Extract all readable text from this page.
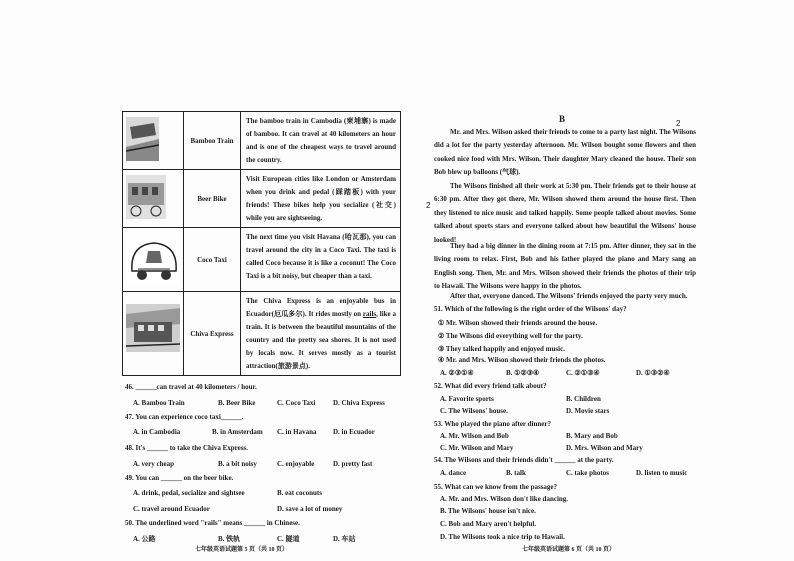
	Bamboo Train	The bamboo train in Cambodia (柬埔寨) is made of bamboo. It can travel at 40 kilometers an hour and is one of the cheapest ways to travel around the country.

	Beer Bike	Visit European cities like London or Amsterdam when you drink and pedal (踩踏板) with your friends! These bikes help you socialize (社交) while you are sightseeing.

	Coco Taxi	The next time you visit Havana (哈瓦那), you can travel around the city in a Coco Taxi. The taxi is called Coco because it is like a coconut! The Coco Taxi is a bit noisy, but cheaper than a taxi.

	Chiva Express	The Chiva Express is an enjoyable bus in Ecuador(厄瓜多尔). It rides mostly on rails, like a train. It is between the beautiful mountains of the country and the pretty sea shores. It is not used by locals now. It serves mostly as a tourist attraction(旅游景点).
46. ______can travel at 40 kilometers / hour.
A. Bamboo Train	B. Beer Bike	C. Coco Taxi	D. Chiva Express
47. You can experience coco taxi______.
A. in Cambodia	B. in Amsterdam C. in Havana D. in Ecuador
48. It's ______ to take the Chiva Express.
A. very cheap	B. a bit noisy	C. enjoyable	D. pretty fast
49. You can ______ on the beer bike.
A. drink, pedal, socialize and sightsee	B. eat coconuts
C. travel around Ecuador	D. save a lot of money
50. The underlined word "rails" means ______ in Chinese.
A. 公路	B. 铁轨	C. 隧道	D. 车站
七年级英语试题第 5 页（共 10 页）
B	2
2
Mr. and Mrs. Wilson asked their friends to come to a party last night. The Wilsons did a lot for the party yesterday afternoon. Mr. Wilson bought some flowers and then cooked nice food with Mrs. Wilson. Their daughter Mary cleaned the house. Their son Bob blew up balloons (气球).
The Wilsons finished all their work at 5:30 pm. Their friends got to their house at 6:30 pm. After they got there, Mr. Wilson showed them around the house first. Then they listened to nice music and talked happily. Some people talked about movies. Some talked about sports stars and everyone talked about how beautiful the Wilsons' house looked!
They had a big dinner in the dining room at 7:15 pm. After dinner, they sat in the living room to relax. First, Bob and his father played the piano and Mary sang an English song. Then, Mr. and Mrs. Wilson showed their friends the photos of their trip to Hawaii. The Wilsons were happy in the photos.
After that, everyone danced. The Wilsons' friends enjoyed the party very much.
51. Which of the following is the right order of the Wilsons' day?
① Mr. Wilson showed their friends around the house.
② The Wilsons did everything well for the party.
③ They talked happily and enjoyed music.
④ Mr. and Mrs. Wilson showed their friends the photos.
A. ②③①④	B. ①②③④	C. ②①③④	D. ①③②④
52. What did every friend talk about?
A. Favorite sports	B. Children
C. The Wilsons' house.	D. Movie stars
53. Who played the piano after dinner?
A. Mr. Wilson and Bob	B. Mary and Bob
C. Mr. Wilson and Mary	D. Mrs. Wilson and Mary
54. The Wilsons and their friends didn't ______ at the party.
A. dance	B. talk	C. take photos	D. listen to music
55. What can we know from the passage?
A. Mr. and Mrs. Wilson don't like dancing.
B. The Wilsons' house isn't nice.
C. Bob and Mary aren't helpful.
D. The Wilsons took a nice trip to Hawaii.
七年级英语试题第 6 页（共 10 页）
